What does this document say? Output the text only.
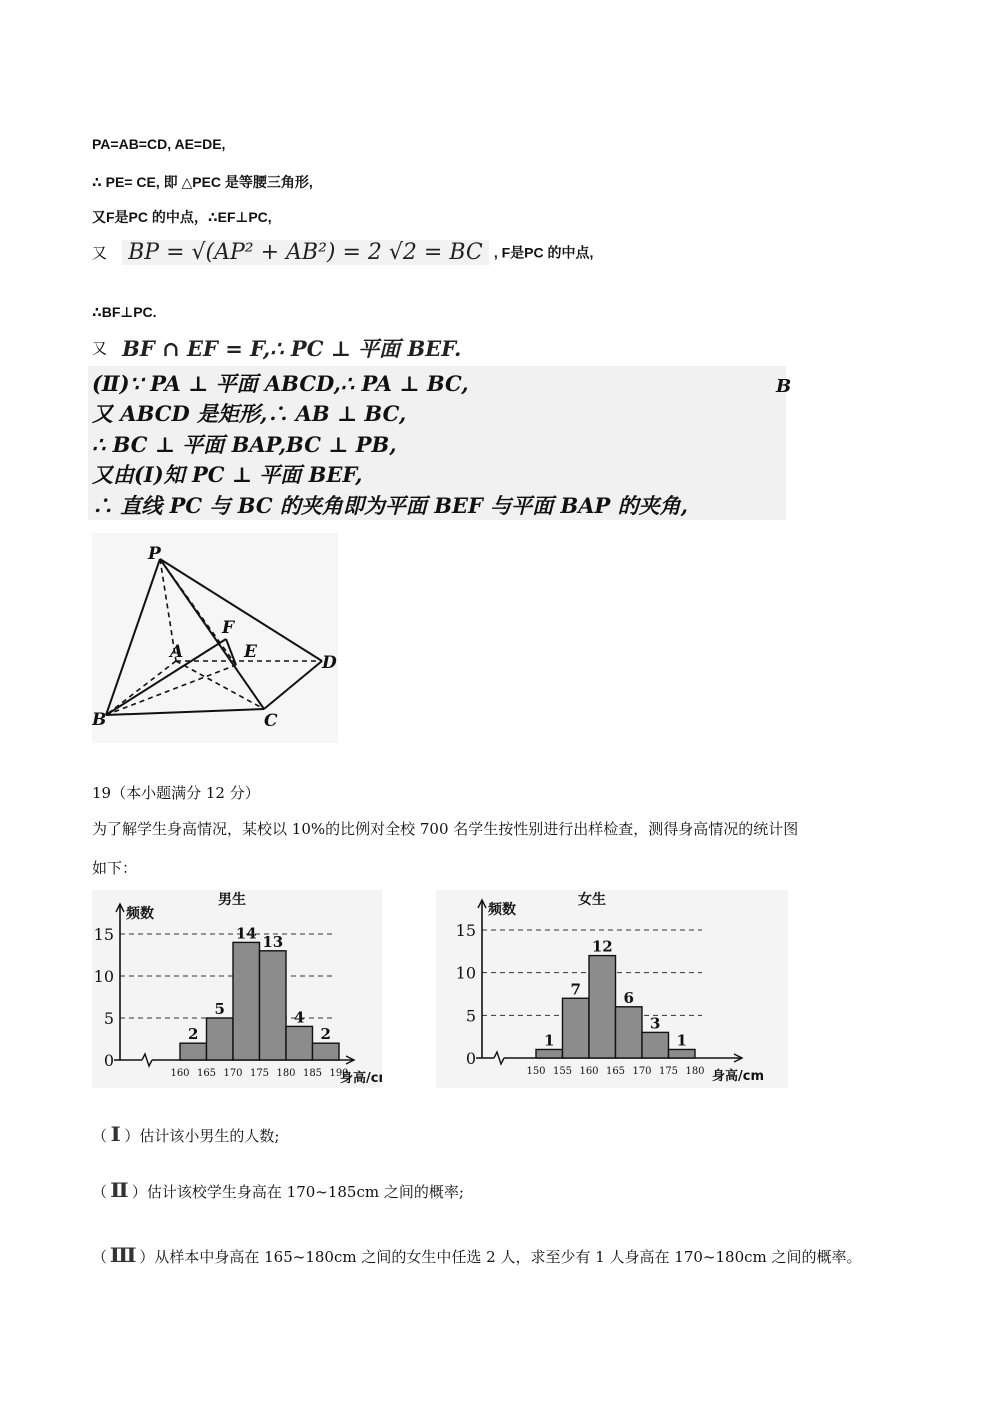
PA=AB=CD, AE=DE,
∴ PE= CE, 即 △PEC 是等腰三角形,
又F是PC 的中点，∴EF⊥PC,
又 BP = √(AP² + AB²) = 2 √2 = BC , F是PC 的中点,
∴BF⊥PC.
又 BF ∩ EF = F,∴ PC ⊥ 平面 BEF.
(Ⅱ)∵ PA ⊥ 平面 ABCD,∴ PA ⊥ BC,
又 ABCD 是矩形,∴ AB ⊥ BC,
∴ BC ⊥ 平面 BAP,BC ⊥ PB,
又由(Ⅰ)知 PC ⊥ 平面 BEF,
∴ 直线 PC 与 BC 的夹角即为平面 BEF 与平面 BAP 的夹角,
B
P
A
B	C
D
E
F
19（本小题满分 12 分）
为了解学生身高情况，某校以 10%的比例对全校 700 名学生按性别进行出样检查，测得身高情况的统计图
如下：
0
5
10
15
2
5
14 13
4
2
160 165 170 175 180 185 190
男生
频数
身高/c
0
5
10
15
1
7
12
6
3
1
150 155 160 165 170 175 180
女生
频数
身高/cm
（ Ⅰ ）估计该小男生的人数;
（ Ⅱ ）估计该校学生身高在 170~185cm 之间的概率;
（ Ⅲ ）从样本中身高在 165~180cm 之间的女生中任选 2 人，求至少有 1 人身高在 170~180cm 之间的概率。
